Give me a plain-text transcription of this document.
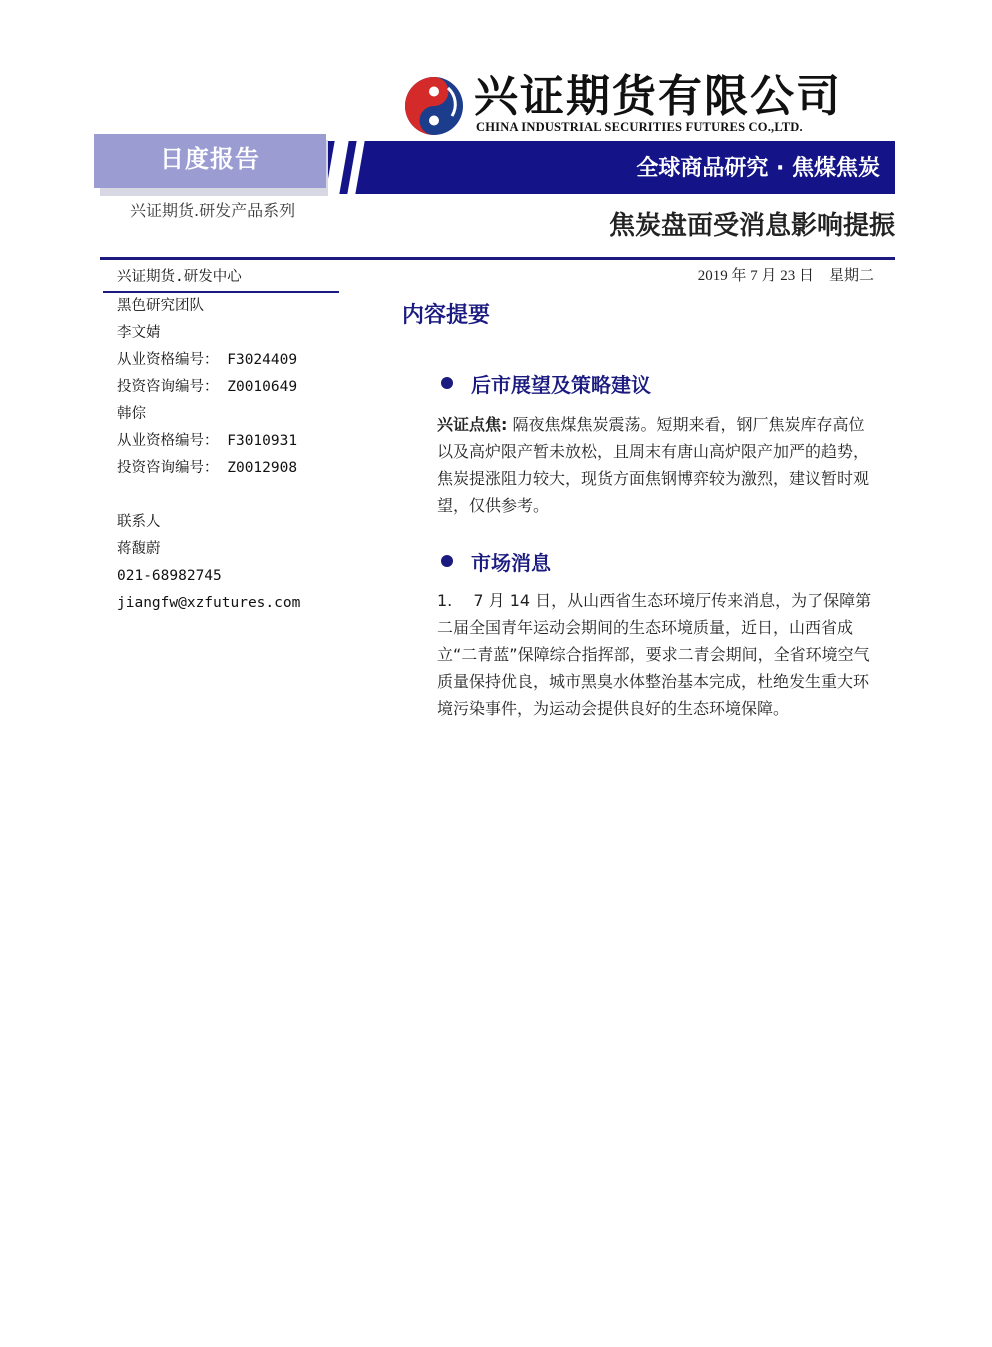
兴证期货有限公司
CHINA INDUSTRIAL SECURITIES FUTURES CO.,LTD.
日度报告	全球商品研究 · 焦煤焦炭
兴证期货.研发产品系列
焦炭盘面受消息影响提振
2019 年 7 月 23 日　星期二
兴证期货.研发中心
黑色研究团队
李文婧
从业资格编号： F3024409
投资咨询编号： Z0010649
韩倧
从业资格编号： F3010931
投资咨询编号： Z0012908
联系人
蒋馥蔚
021-68982745
jiangfw@xzfutures.com
内容提要
后市展望及策略建议
兴证点焦: 隔夜焦煤焦炭震荡。短期来看，钢厂焦炭库存高位以及高炉限产暂未放松，且周末有唐山高炉限产加严的趋势，焦炭提涨阻力较大，现货方面焦钢博弈较为激烈，建议暂时观望，仅供参考。
市场消息
1.　 7 月 14 日，从山西省生态环境厅传来消息，为了保障第二届全国青年运动会期间的生态环境质量，近日，山西省成立“二青蓝”保障综合指挥部，要求二青会期间，全省环境空气质量保持优良，城市黑臭水体整治基本完成，杜绝发生重大环境污染事件，为运动会提供良好的生态环境保障。
